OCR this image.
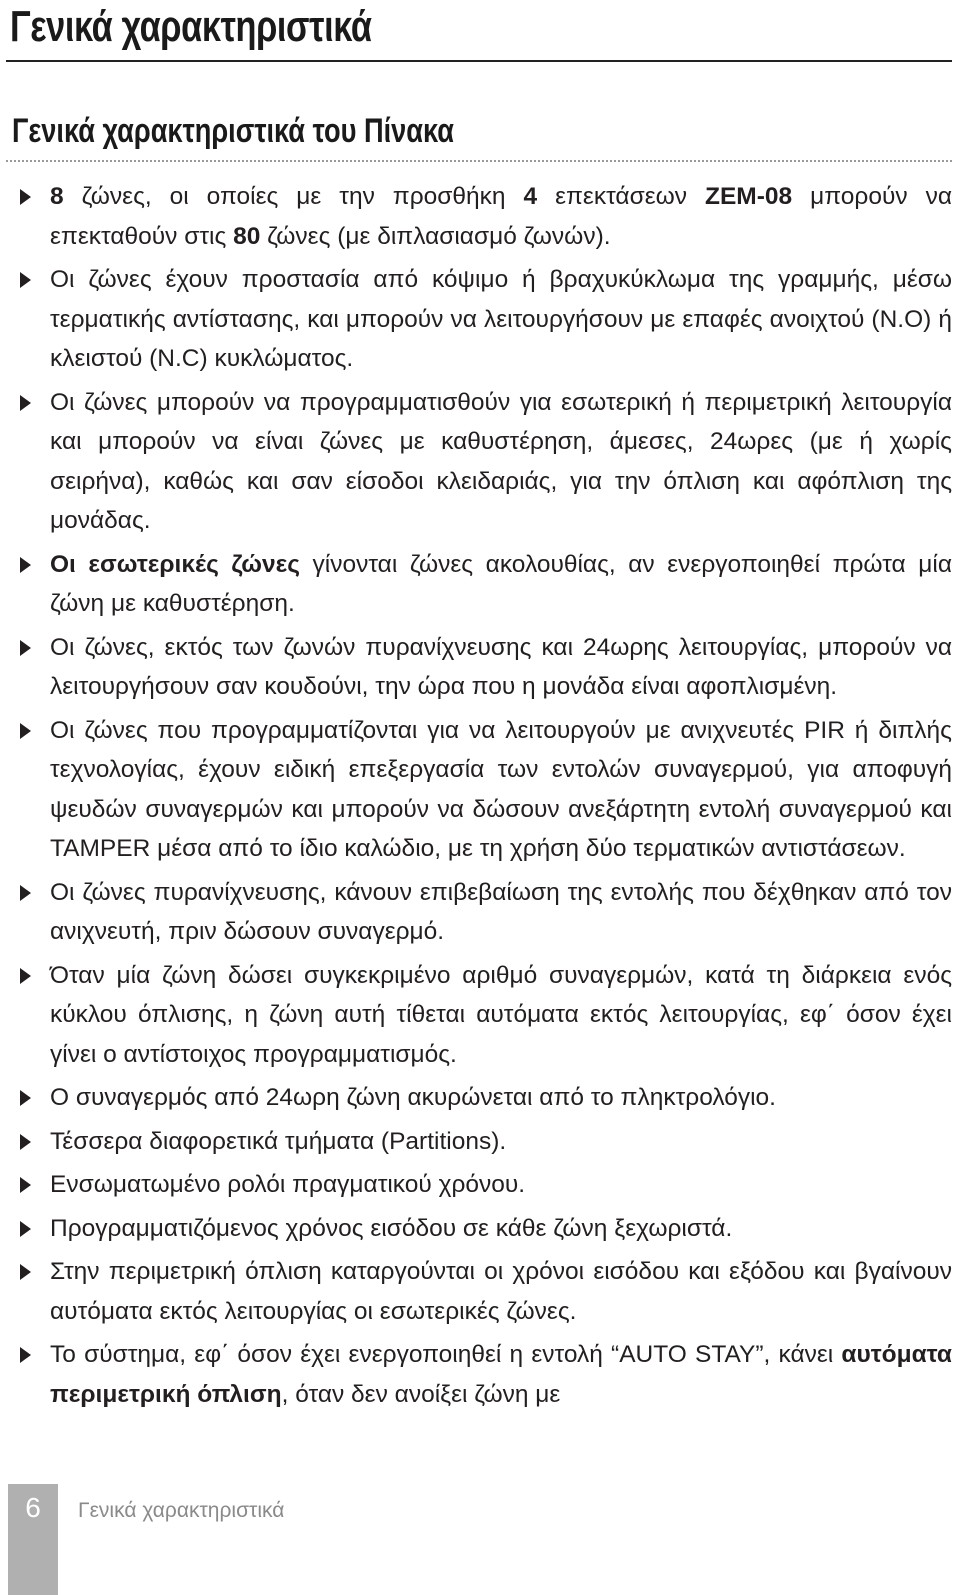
Γενικά χαρακτηριστικά
Γενικά χαρακτηριστικά του Πίνακα
8 ζώνες, οι οποίες με την προσθήκη 4 επεκτάσεων ZEM-08 μπορούν να επεκταθούν στις 80 ζώνες (με διπλασιασμό ζωνών).
Οι ζώνες έχουν προστασία από κόψιμο ή βραχυκύκλωμα της γραμμής, μέσω τερματικής αντίστασης, και μπορούν να λειτουργήσουν με επαφές ανοιχτού (N.O) ή κλειστού (N.C) κυκλώματος.
Οι ζώνες μπορούν να προγραμματισθούν για εσωτερική ή περιμετρική λειτουργία και μπορούν να είναι ζώνες με καθυστέρηση, άμεσες, 24ωρες (με ή χωρίς σειρήνα), καθώς και σαν είσοδοι κλειδαριάς, για την όπλιση και αφόπλιση της μονάδας.
Οι εσωτερικές ζώνες γίνονται ζώνες ακολουθίας, αν ενεργοποιηθεί πρώτα μία ζώνη με καθυστέρηση.
Οι ζώνες, εκτός των ζωνών πυρανίχνευσης και 24ωρης λειτουργίας, μπορούν να λειτουργήσουν σαν κουδούνι, την ώρα που η μονάδα είναι αφοπλισμένη.
Οι ζώνες που προγραμματίζονται για να λειτουργούν με ανιχνευτές PIR ή διπλής τεχνολογίας, έχουν ειδική επεξεργασία των εντολών συναγερμού, για αποφυγή ψευδών συναγερμών και μπορούν να δώσουν ανεξάρτητη εντολή συναγερμού και TAMPER μέσα από το ίδιο καλώδιο, με τη χρήση δύο τερματικών αντιστάσεων.
Οι ζώνες πυρανίχνευσης, κάνουν επιβεβαίωση της εντολής που δέχθηκαν από τον ανιχνευτή, πριν δώσουν συναγερμό.
Όταν μία ζώνη δώσει συγκεκριμένο αριθμό συναγερμών, κατά τη διάρκεια ενός κύκλου όπλισης, η ζώνη αυτή τίθεται αυτόματα εκτός λειτουργίας, εφ΄ όσον έχει γίνει ο αντίστοιχος προγραμματισμός.
Ο συναγερμός από 24ωρη ζώνη ακυρώνεται από το πληκτρολόγιο.
Τέσσερα διαφορετικά τμήματα (Partitions).
Ενσωματωμένο ρολόι πραγματικού χρόνου.
Προγραμματιζόμενος χρόνος εισόδου σε κάθε ζώνη ξεχωριστά.
Στην περιμετρική όπλιση καταργούνται οι χρόνοι εισόδου και εξόδου και βγαίνουν αυτόματα εκτός λειτουργίας οι εσωτερικές ζώνες.
Το σύστημα, εφ΄ όσον έχει ενεργοποιηθεί η εντολή “AUTO STAY”, κάνει αυτόματα περιμετρική όπλιση, όταν δεν ανοίξει ζώνη με
6	Γενικά χαρακτηριστικά
